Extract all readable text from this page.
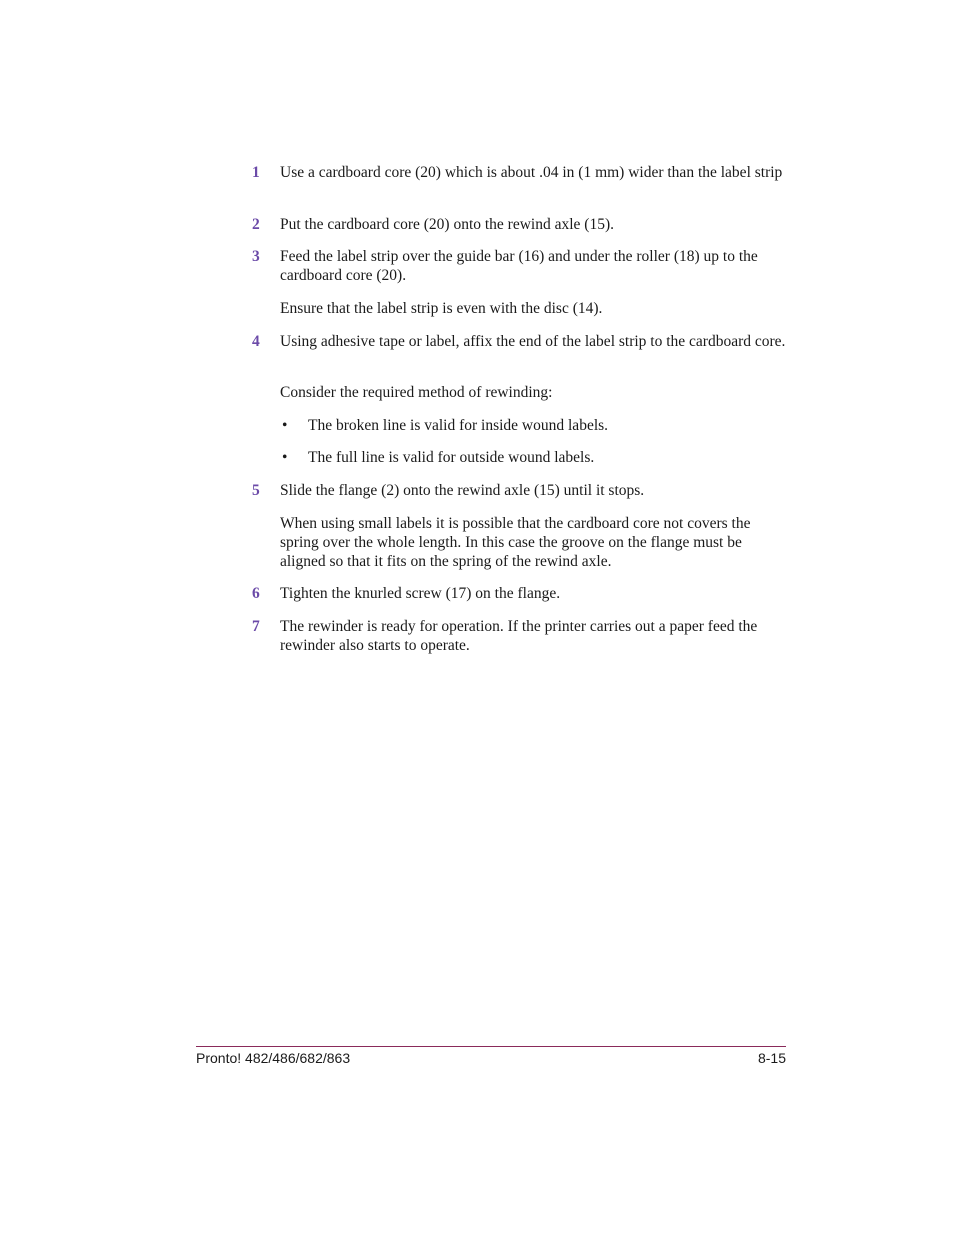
1	Use a cardboard core (20) which is about .04 in (1 mm) wider than the label strip
2	Put the cardboard core (20) onto the rewind axle (15).
3	Feed the label strip over the guide bar (16) and under the roller (18) up to the cardboard core (20).
Ensure that the label strip is even with the disc (14).
4	Using adhesive tape or label, affix the end of the label strip to the cardboard core.
Consider the required method of rewinding:
• The broken line is valid for inside wound labels.
• The full line is valid for outside wound labels.
5	Slide the flange (2) onto the rewind axle (15) until it stops.
When using small labels it is possible that the cardboard core not covers the spring over the whole length. In this case the groove on the flange must be aligned so that it fits on the spring of the rewind axle.
6	Tighten the knurled screw (17) on the flange.
7	The rewinder is ready for operation. If the printer carries out a paper feed the rewinder also starts to operate.
Pronto! 482/486/682/863	8-15
